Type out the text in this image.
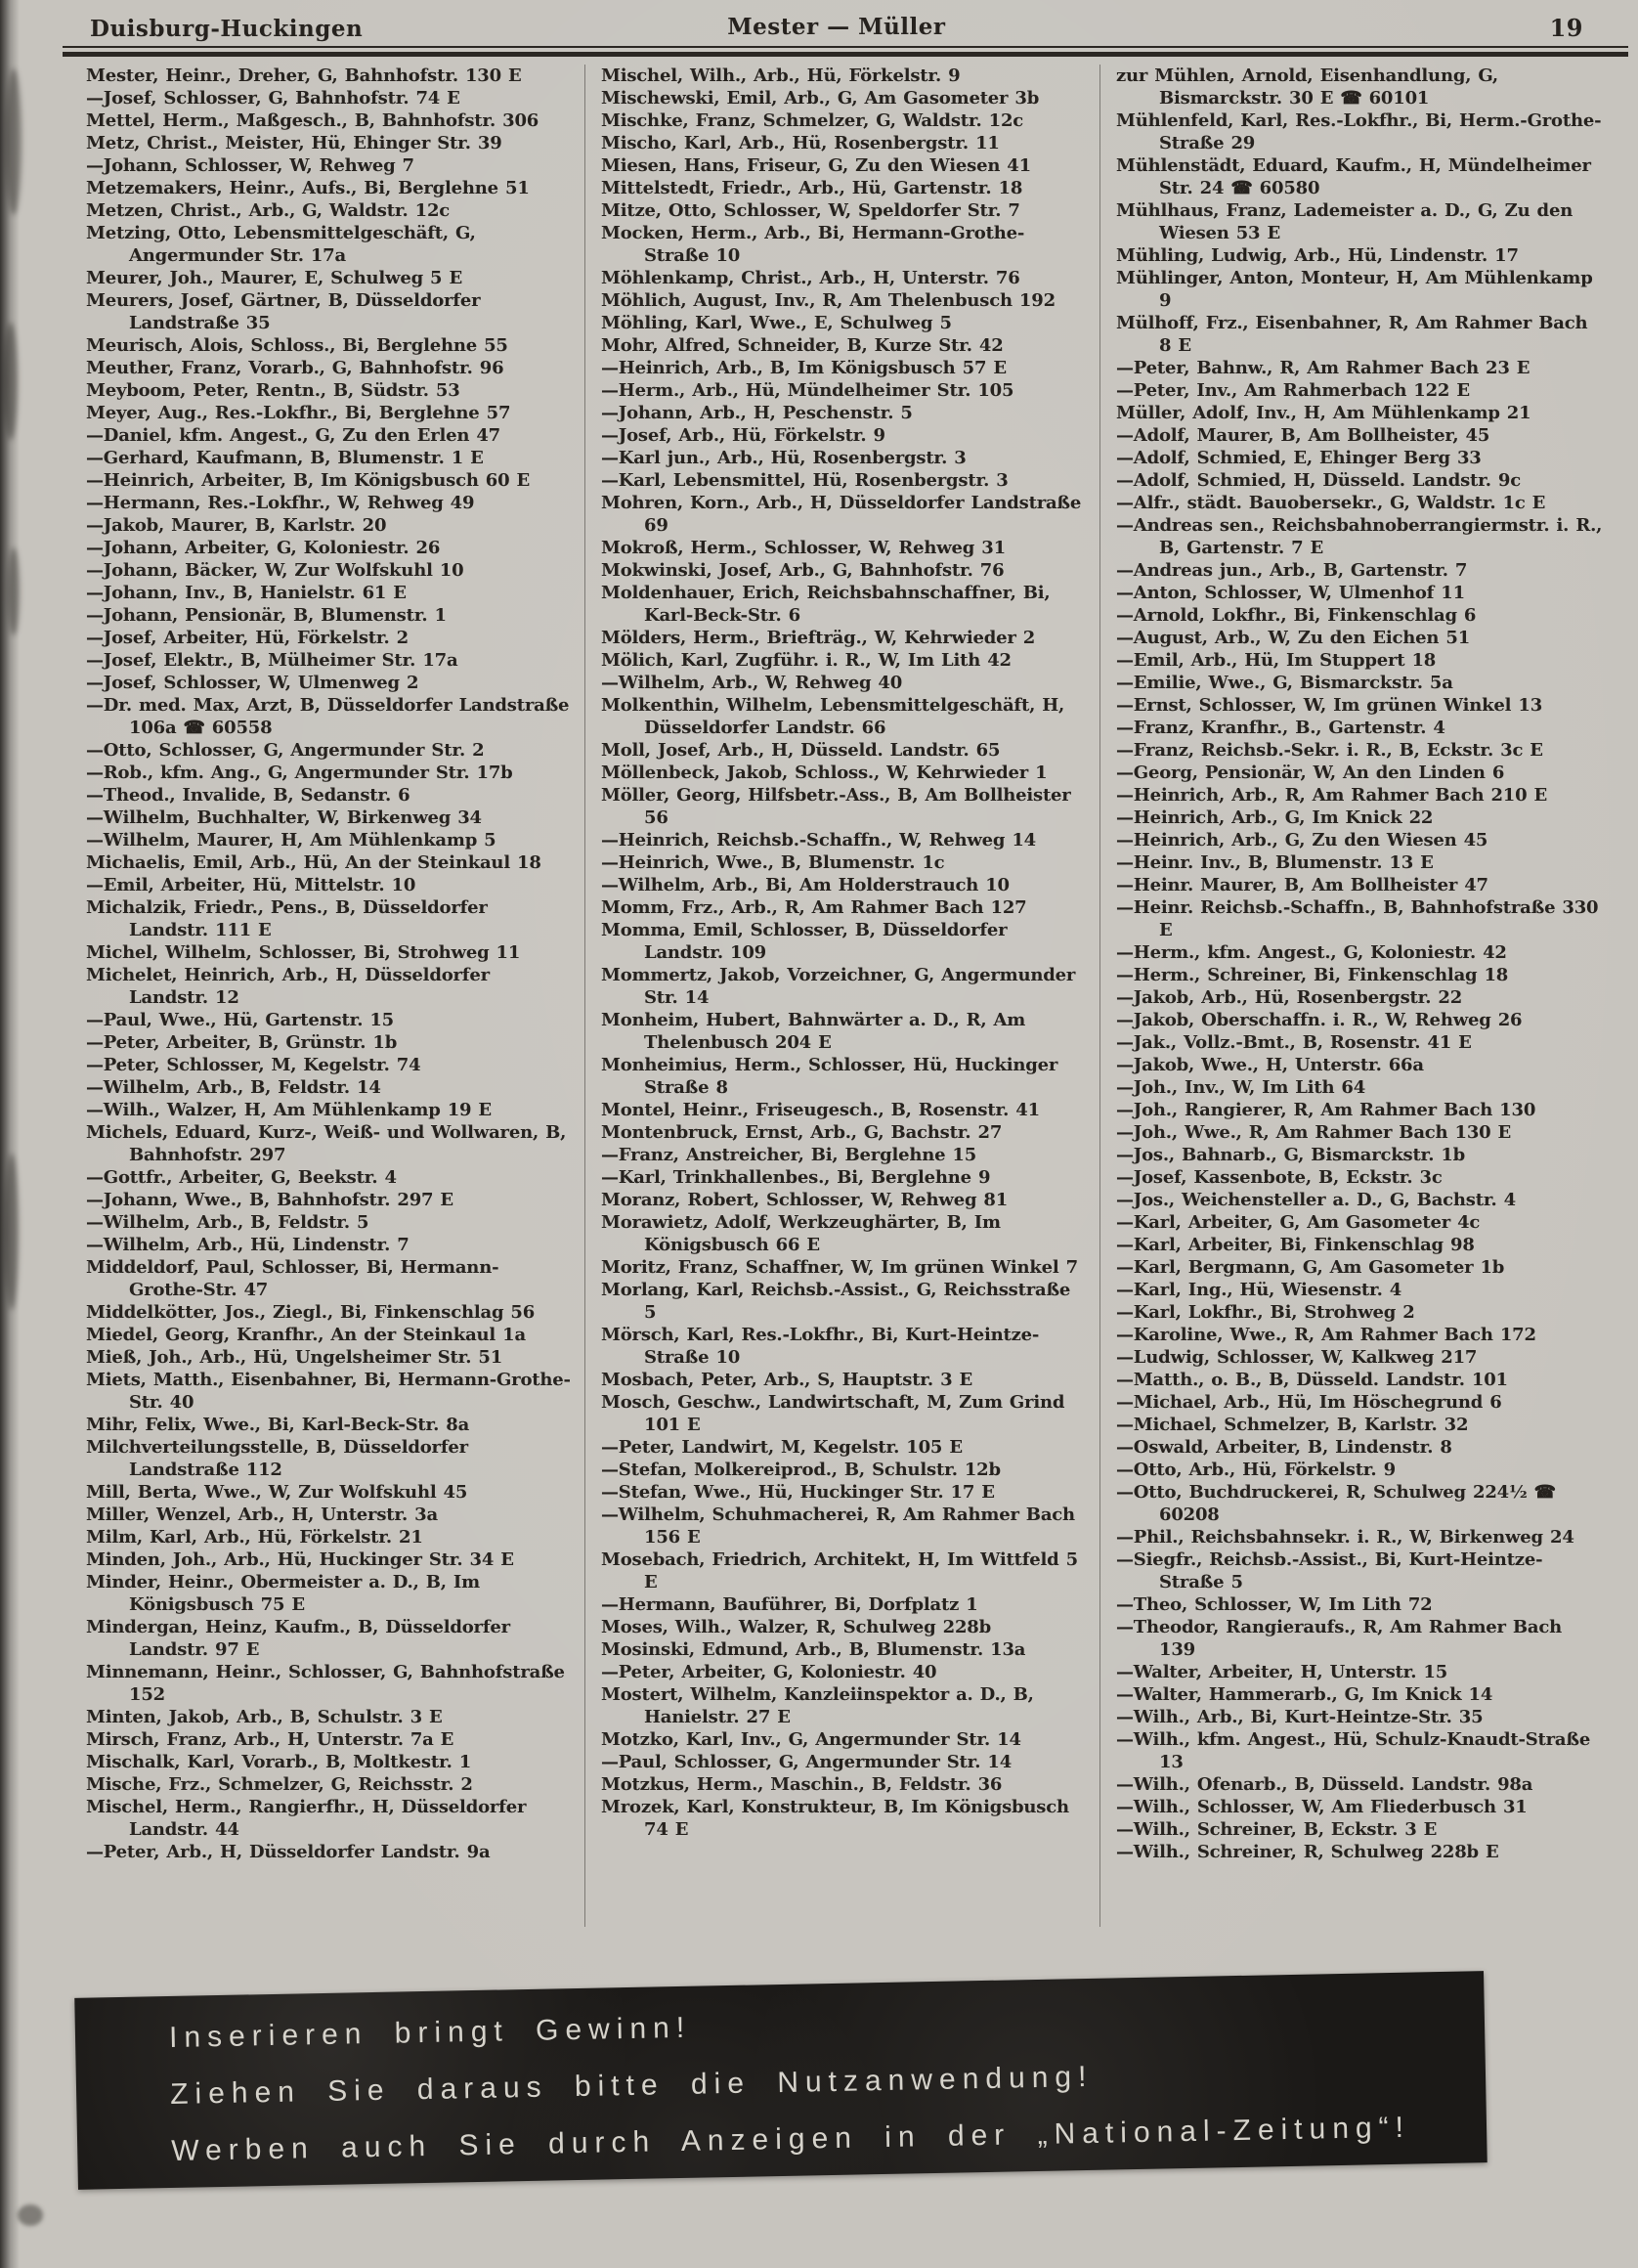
Duisburg-Huckingen	Mester — Müller	19

Mester, Heinr., Dreher, G, Bahnhofstr. 130 E

—Josef, Schlosser, G, Bahnhofstr. 74 E

Mettel, Herm., Maßgesch., B, Bahnhofstr. 306

Metz, Christ., Meister, Hü, Ehinger Str. 39

—Johann, Schlosser, W, Rehweg 7

Metzemakers, Heinr., Aufs., Bi, Berglehne 51

Metzen, Christ., Arb., G, Waldstr. 12c

Metzing, Otto, Lebensmittelgeschäft, G, Angermunder Str. 17a

Meurer, Joh., Maurer, E, Schulweg 5 E

Meurers, Josef, Gärtner, B, Düsseldorfer Landstraße 35

Meurisch, Alois, Schloss., Bi, Berglehne 55

Meuther, Franz, Vorarb., G, Bahnhofstr. 96

Meyboom, Peter, Rentn., B, Südstr. 53

Meyer, Aug., Res.-Lokfhr., Bi, Berglehne 57

—Daniel, kfm. Angest., G, Zu den Erlen 47

—Gerhard, Kaufmann, B, Blumenstr. 1 E

—Heinrich, Arbeiter, B, Im Königsbusch 60 E

—Hermann, Res.-Lokfhr., W, Rehweg 49

—Jakob, Maurer, B, Karlstr. 20

—Johann, Arbeiter, G, Koloniestr. 26

—Johann, Bäcker, W, Zur Wolfskuhl 10

—Johann, Inv., B, Hanielstr. 61 E

—Johann, Pensionär, B, Blumenstr. 1

—Josef, Arbeiter, Hü, Förkelstr. 2

—Josef, Elektr., B, Mülheimer Str. 17a

—Josef, Schlosser, W, Ulmenweg 2

—Dr. med. Max, Arzt, B, Düsseldorfer Landstraße 106a ☎ 60558

—Otto, Schlosser, G, Angermunder Str. 2

—Rob., kfm. Ang., G, Angermunder Str. 17b

—Theod., Invalide, B, Sedanstr. 6

—Wilhelm, Buchhalter, W, Birkenweg 34

—Wilhelm, Maurer, H, Am Mühlenkamp 5

Michaelis, Emil, Arb., Hü, An der Steinkaul 18

—Emil, Arbeiter, Hü, Mittelstr. 10

Michalzik, Friedr., Pens., B, Düsseldorfer Landstr. 111 E

Michel, Wilhelm, Schlosser, Bi, Strohweg 11

Michelet, Heinrich, Arb., H, Düsseldorfer Landstr. 12

—Paul, Wwe., Hü, Gartenstr. 15

—Peter, Arbeiter, B, Grünstr. 1b

—Peter, Schlosser, M, Kegelstr. 74

—Wilhelm, Arb., B, Feldstr. 14

—Wilh., Walzer, H, Am Mühlenkamp 19 E

Michels, Eduard, Kurz-, Weiß- und Wollwaren, B, Bahnhofstr. 297

—Gottfr., Arbeiter, G, Beekstr. 4

—Johann, Wwe., B, Bahnhofstr. 297 E

—Wilhelm, Arb., B, Feldstr. 5

—Wilhelm, Arb., Hü, Lindenstr. 7

Middeldorf, Paul, Schlosser, Bi, Hermann-Grothe-Str. 47

Middelkötter, Jos., Ziegl., Bi, Finkenschlag 56

Miedel, Georg, Kranfhr., An der Steinkaul 1a

Mieß, Joh., Arb., Hü, Ungelsheimer Str. 51

Miets, Matth., Eisenbahner, Bi, Hermann-Grothe-Str. 40

Mihr, Felix, Wwe., Bi, Karl-Beck-Str. 8a

Milchverteilungsstelle, B, Düsseldorfer Landstraße 112

Mill, Berta, Wwe., W, Zur Wolfskuhl 45

Miller, Wenzel, Arb., H, Unterstr. 3a

Milm, Karl, Arb., Hü, Förkelstr. 21

Minden, Joh., Arb., Hü, Huckinger Str. 34 E

Minder, Heinr., Obermeister a. D., B, Im Königsbusch 75 E

Mindergan, Heinz, Kaufm., B, Düsseldorfer Landstr. 97 E

Minnemann, Heinr., Schlosser, G, Bahnhofstraße 152

Minten, Jakob, Arb., B, Schulstr. 3 E

Mirsch, Franz, Arb., H, Unterstr. 7a E

Mischalk, Karl, Vorarb., B, Moltkestr. 1

Mische, Frz., Schmelzer, G, Reichsstr. 2

Mischel, Herm., Rangierfhr., H, Düsseldorfer Landstr. 44

—Peter, Arb., H, Düsseldorfer Landstr. 9a

Mischel, Wilh., Arb., Hü, Förkelstr. 9

Mischewski, Emil, Arb., G, Am Gasometer 3b

Mischke, Franz, Schmelzer, G, Waldstr. 12c

Mischo, Karl, Arb., Hü, Rosenbergstr. 11

Miesen, Hans, Friseur, G, Zu den Wiesen 41

Mittelstedt, Friedr., Arb., Hü, Gartenstr. 18

Mitze, Otto, Schlosser, W, Speldorfer Str. 7

Mocken, Herm., Arb., Bi, Hermann-Grothe-Straße 10

Möhlenkamp, Christ., Arb., H, Unterstr. 76

Möhlich, August, Inv., R, Am Thelenbusch 192

Möhling, Karl, Wwe., E, Schulweg 5

Mohr, Alfred, Schneider, B, Kurze Str. 42

—Heinrich, Arb., B, Im Königsbusch 57 E

—Herm., Arb., Hü, Mündelheimer Str. 105

—Johann, Arb., H, Peschenstr. 5

—Josef, Arb., Hü, Förkelstr. 9

—Karl jun., Arb., Hü, Rosenbergstr. 3

—Karl, Lebensmittel, Hü, Rosenbergstr. 3

Mohren, Korn., Arb., H, Düsseldorfer Landstraße 69

Mokroß, Herm., Schlosser, W, Rehweg 31

Mokwinski, Josef, Arb., G, Bahnhofstr. 76

Moldenhauer, Erich, Reichsbahnschaffner, Bi, Karl-Beck-Str. 6

Mölders, Herm., Briefträg., W, Kehrwieder 2

Mölich, Karl, Zugführ. i. R., W, Im Lith 42

—Wilhelm, Arb., W, Rehweg 40

Molkenthin, Wilhelm, Lebensmittelgeschäft, H, Düsseldorfer Landstr. 66

Moll, Josef, Arb., H, Düsseld. Landstr. 65

Möllenbeck, Jakob, Schloss., W, Kehrwieder 1

Möller, Georg, Hilfsbetr.-Ass., B, Am Bollheister 56

—Heinrich, Reichsb.-Schaffn., W, Rehweg 14

—Heinrich, Wwe., B, Blumenstr. 1c

—Wilhelm, Arb., Bi, Am Holderstrauch 10

Momm, Frz., Arb., R, Am Rahmer Bach 127

Momma, Emil, Schlosser, B, Düsseldorfer Landstr. 109

Mommertz, Jakob, Vorzeichner, G, Angermunder Str. 14

Monheim, Hubert, Bahnwärter a. D., R, Am Thelenbusch 204 E

Monheimius, Herm., Schlosser, Hü, Huckinger Straße 8

Montel, Heinr., Friseugesch., B, Rosenstr. 41

Montenbruck, Ernst, Arb., G, Bachstr. 27

—Franz, Anstreicher, Bi, Berglehne 15

—Karl, Trinkhallenbes., Bi, Berglehne 9

Moranz, Robert, Schlosser, W, Rehweg 81

Morawietz, Adolf, Werkzeughärter, B, Im Königsbusch 66 E

Moritz, Franz, Schaffner, W, Im grünen Winkel 7

Morlang, Karl, Reichsb.-Assist., G, Reichsstraße 5

Mörsch, Karl, Res.-Lokfhr., Bi, Kurt-Heintze-Straße 10

Mosbach, Peter, Arb., S, Hauptstr. 3 E

Mosch, Geschw., Landwirtschaft, M, Zum Grind 101 E

—Peter, Landwirt, M, Kegelstr. 105 E

—Stefan, Molkereiprod., B, Schulstr. 12b

—Stefan, Wwe., Hü, Huckinger Str. 17 E

—Wilhelm, Schuhmacherei, R, Am Rahmer Bach 156 E

Mosebach, Friedrich, Architekt, H, Im Wittfeld 5 E

—Hermann, Bauführer, Bi, Dorfplatz 1

Moses, Wilh., Walzer, R, Schulweg 228b

Mosinski, Edmund, Arb., B, Blumenstr. 13a

—Peter, Arbeiter, G, Koloniestr. 40

Mostert, Wilhelm, Kanzleiinspektor a. D., B, Hanielstr. 27 E

Motzko, Karl, Inv., G, Angermunder Str. 14

—Paul, Schlosser, G, Angermunder Str. 14

Motzkus, Herm., Maschin., B, Feldstr. 36

Mrozek, Karl, Konstrukteur, B, Im Königsbusch 74 E

zur Mühlen, Arnold, Eisenhandlung, G, Bismarckstr. 30 E ☎ 60101

Mühlenfeld, Karl, Res.-Lokfhr., Bi, Herm.-Grothe-Straße 29

Mühlenstädt, Eduard, Kaufm., H, Mündelheimer Str. 24 ☎ 60580

Mühlhaus, Franz, Lademeister a. D., G, Zu den Wiesen 53 E

Mühling, Ludwig, Arb., Hü, Lindenstr. 17

Mühlinger, Anton, Monteur, H, Am Mühlenkamp 9

Mülhoff, Frz., Eisenbahner, R, Am Rahmer Bach 8 E

—Peter, Bahnw., R, Am Rahmer Bach 23 E

—Peter, Inv., Am Rahmerbach 122 E

Müller, Adolf, Inv., H, Am Mühlenkamp 21

—Adolf, Maurer, B, Am Bollheister, 45

—Adolf, Schmied, E, Ehinger Berg 33

—Adolf, Schmied, H, Düsseld. Landstr. 9c

—Alfr., städt. Bauobersekr., G, Waldstr. 1c E

—Andreas sen., Reichsbahnoberrangiermstr. i. R., B, Gartenstr. 7 E

—Andreas jun., Arb., B, Gartenstr. 7

—Anton, Schlosser, W, Ulmenhof 11

—Arnold, Lokfhr., Bi, Finkenschlag 6

—August, Arb., W, Zu den Eichen 51

—Emil, Arb., Hü, Im Stuppert 18

—Emilie, Wwe., G, Bismarckstr. 5a

—Ernst, Schlosser, W, Im grünen Winkel 13

—Franz, Kranfhr., B., Gartenstr. 4

—Franz, Reichsb.-Sekr. i. R., B, Eckstr. 3c E

—Georg, Pensionär, W, An den Linden 6

—Heinrich, Arb., R, Am Rahmer Bach 210 E

—Heinrich, Arb., G, Im Knick 22

—Heinrich, Arb., G, Zu den Wiesen 45

—Heinr. Inv., B, Blumenstr. 13 E

—Heinr. Maurer, B, Am Bollheister 47

—Heinr. Reichsb.-Schaffn., B, Bahnhofstraße 330 E

—Herm., kfm. Angest., G, Koloniestr. 42

—Herm., Schreiner, Bi, Finkenschlag 18

—Jakob, Arb., Hü, Rosenbergstr. 22

—Jakob, Oberschaffn. i. R., W, Rehweg 26

—Jak., Vollz.-Bmt., B, Rosenstr. 41 E

—Jakob, Wwe., H, Unterstr. 66a

—Joh., Inv., W, Im Lith 64

—Joh., Rangierer, R, Am Rahmer Bach 130

—Joh., Wwe., R, Am Rahmer Bach 130 E

—Jos., Bahnarb., G, Bismarckstr. 1b

—Josef, Kassenbote, B, Eckstr. 3c

—Jos., Weichensteller a. D., G, Bachstr. 4

—Karl, Arbeiter, G, Am Gasometer 4c

—Karl, Arbeiter, Bi, Finkenschlag 98

—Karl, Bergmann, G, Am Gasometer 1b

—Karl, Ing., Hü, Wiesenstr. 4

—Karl, Lokfhr., Bi, Strohweg 2

—Karoline, Wwe., R, Am Rahmer Bach 172

—Ludwig, Schlosser, W, Kalkweg 217

—Matth., o. B., B, Düsseld. Landstr. 101

—Michael, Arb., Hü, Im Höschegrund 6

—Michael, Schmelzer, B, Karlstr. 32

—Oswald, Arbeiter, B, Lindenstr. 8

—Otto, Arb., Hü, Förkelstr. 9

—Otto, Buchdruckerei, R, Schulweg 224½ ☎ 60208

—Phil., Reichsbahnsekr. i. R., W, Birkenweg 24

—Siegfr., Reichsb.-Assist., Bi, Kurt-Heintze-Straße 5

—Theo, Schlosser, W, Im Lith 72

—Theodor, Rangieraufs., R, Am Rahmer Bach 139

—Walter, Arbeiter, H, Unterstr. 15

—Walter, Hammerarb., G, Im Knick 14

—Wilh., Arb., Bi, Kurt-Heintze-Str. 35

—Wilh., kfm. Angest., Hü, Schulz-Knaudt-Straße 13

—Wilh., Ofenarb., B, Düsseld. Landstr. 98a

—Wilh., Schlosser, W, Am Fliederbusch 31

—Wilh., Schreiner, B, Eckstr. 3 E

—Wilh., Schreiner, R, Schulweg 228b E

Inserieren bringt Gewinn!

Ziehen Sie daraus bitte die Nutzanwendung!

Werben auch Sie durch Anzeigen in der „National-Zeitung“!
